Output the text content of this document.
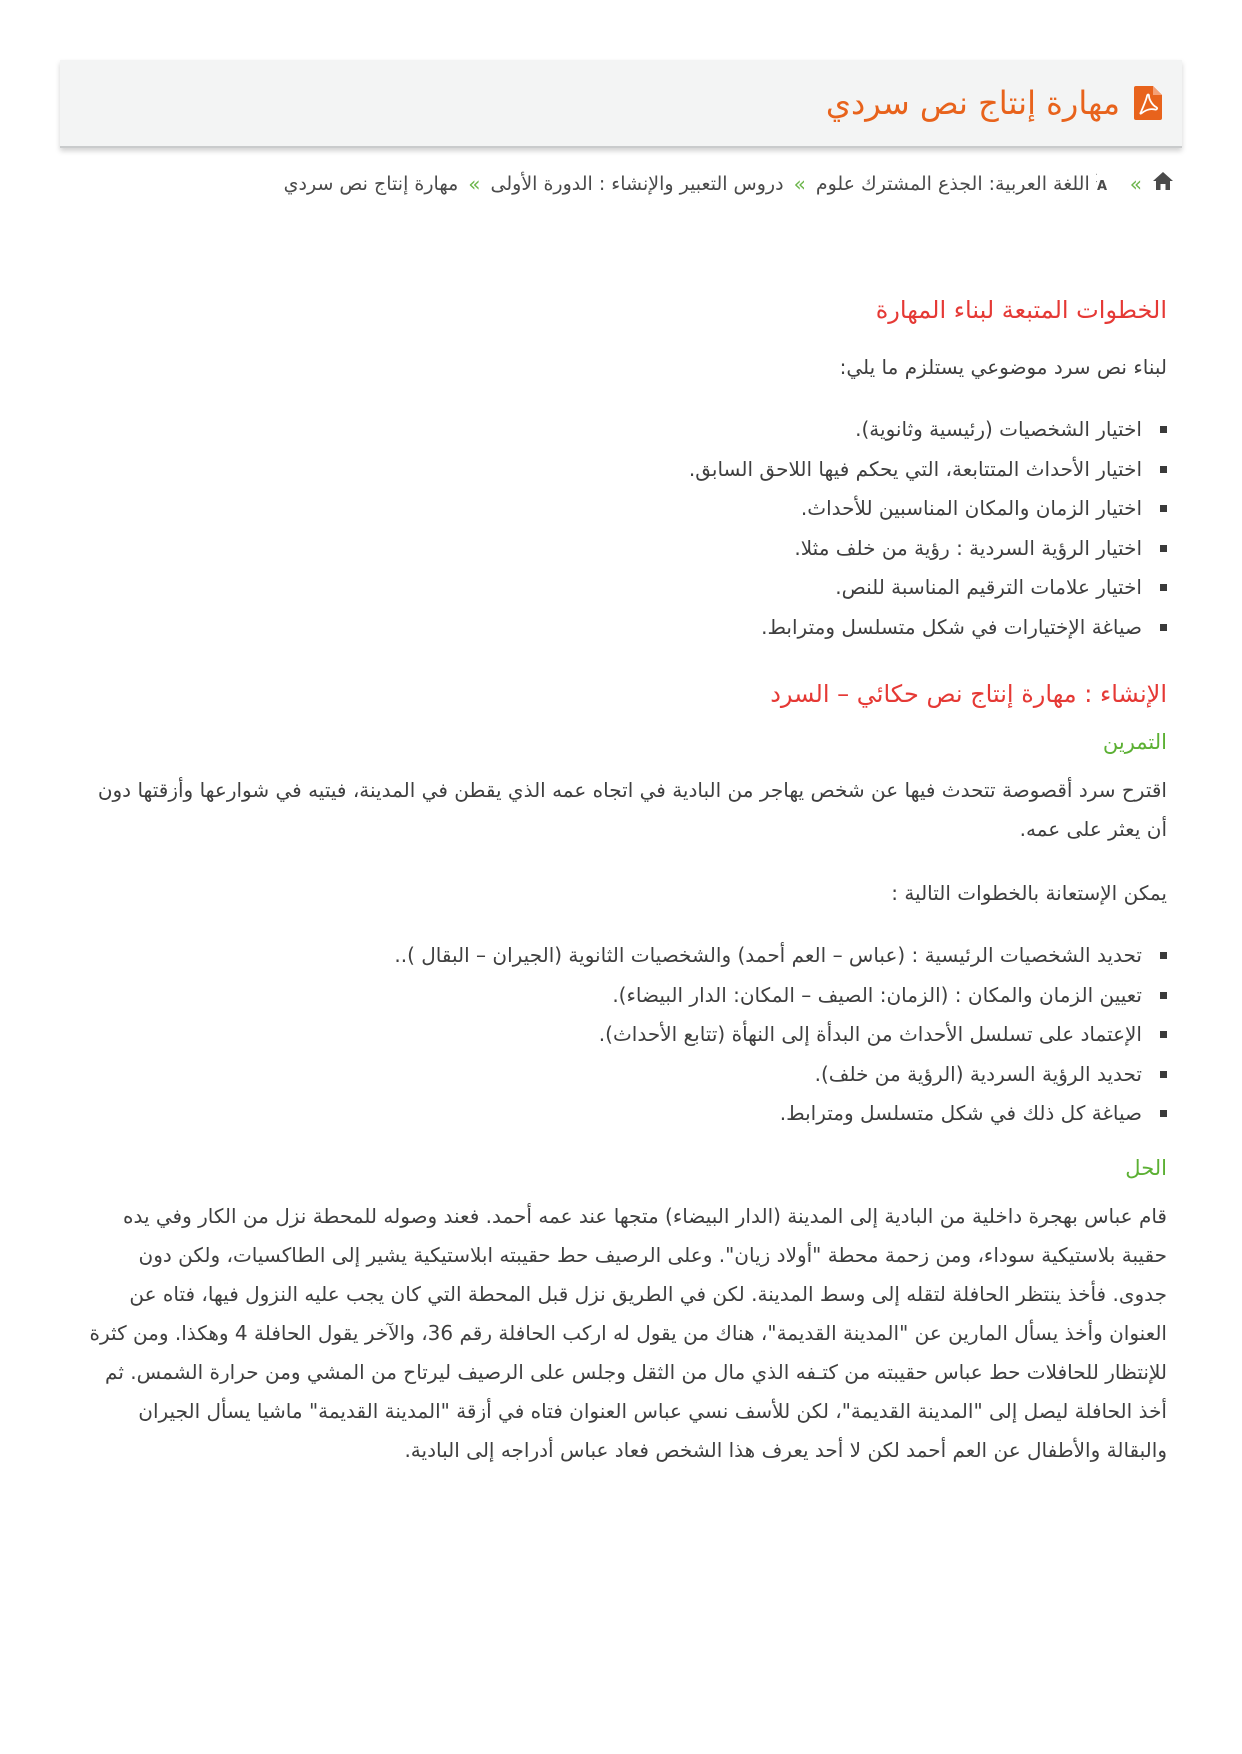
مهارة إنتاج نص سردي
»
A
اللغة العربية: الجذع المشترك علوم
»
دروس التعبير والإنشاء : الدورة الأولى
»
مهارة إنتاج نص سردي
الخطوات المتبعة لبناء المهارة

لبناء نص سرد موضوعي يستلزم ما يلي:

اختيار الشخصيات (رئيسية وثانوية).
اختيار الأحداث المتتابعة، التي يحكم فيها اللاحق السابق.
اختيار الزمان والمكان المناسبين للأحداث.
اختيار الرؤية السردية : رؤية من خلف مثلا.
اختيار علامات الترقيم المناسبة للنص.
صياغة الإختيارات في شكل متسلسل ومترابط.
الإنشاء : مهارة إنتاج نص حكائي – السرد
التمرين

اقترح سرد أقصوصة تتحدث فيها عن شخص يهاجر من البادية في اتجاه عمه الذي يقطن في المدينة، فيتيه في شوارعها وأزقتها دون أن يعثر على عمه.

يمكن الإستعانة بالخطوات التالية :

تحديد الشخصيات الرئيسية : (عباس – العم أحمد) والشخصيات الثانوية (الجيران – البقال )..
تعيين الزمان والمكان : (الزمان: الصيف – المكان: الدار البيضاء).
الإعتماد على تسلسل الأحداث من البدأة إلى النهأة (تتابع الأحداث).
تحديد الرؤية السردية (الرؤية من خلف).
صياغة كل ذلك في شكل متسلسل ومترابط.
الحل

قام عباس بهجرة داخلية من البادية إلى المدينة (الدار البيضاء) متجها عند عمه أحمد. فعند وصوله للمحطة نزل من الكار وفي يده حقيبة بلاستيكية سوداء، ومن زحمة محطة "أولاد زيان". وعلى الرصيف حط حقيبته ابلاستيكية يشير إلى الطاكسيات، ولكن دون جدوى. فأخذ ينتظر الحافلة لتقله إلى وسط المدينة. لكن في الطريق نزل قبل المحطة التي كان يجب عليه النزول فيها، فتاه عن العنوان وأخذ يسأل المارين عن "المدينة القديمة"، هناك من يقول له اركب الحافلة رقم 36، والآخر يقول الحافلة 4 وهكذا. ومن كثرة للإنتظار للحافلات حط عباس حقيبته من كتـفه الذي مال من الثقل وجلس على الرصيف ليرتاح من المشي ومن حرارة الشمس. ثم أخذ الحافلة ليصل إلى "المدينة القديمة"، لكن للأسف نسي عباس العنوان فتاه في أزقة "المدينة القديمة" ماشيا يسأل الجيران والبقالة والأطفال عن العم أحمد لكن لا أحد يعرف هذا الشخص فعاد عباس أدراجه إلى البادية.
